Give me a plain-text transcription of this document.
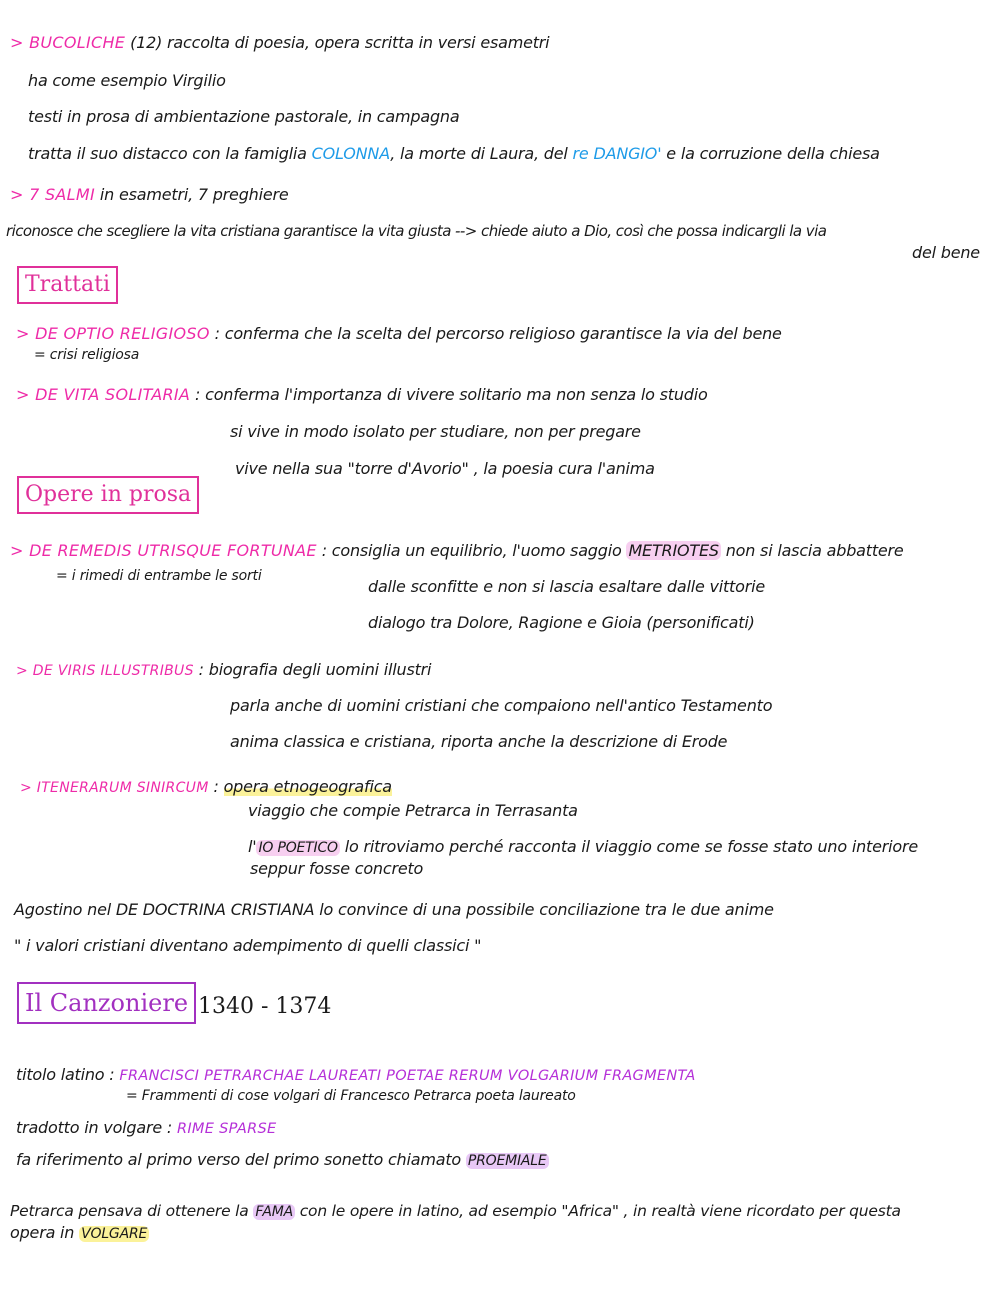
> BUCOLICHE (12) raccolta di poesia, opera scritta in versi esametri
ha come esempio Virgilio
testi in prosa di ambientazione pastorale, in campagna
tratta il suo distacco con la famiglia COLONNA, la morte di Laura, del re DANGIO' e la corruzione della chiesa
> 7 SALMI in esametri, 7 preghiere
riconosce che scegliere la vita cristiana garantisce la vita giusta --> chiede aiuto a Dio, così che possa indicargli la via
del bene
Trattati
> DE OPTIO RELIGIOSO : conferma che la scelta del percorso religioso garantisce la via del bene
= crisi religiosa
> DE VITA SOLITARIA : conferma l'importanza di vivere solitario ma non senza lo studio
si vive in modo isolato per studiare, non per pregare
vive nella sua "torre d'Avorio" , la poesia cura l'anima
Opere in prosa
> DE REMEDIS UTRISQUE FORTUNAE : consiglia un equilibrio, l'uomo saggio METRIOTES non si lascia abbattere
= i rimedi di entrambe le sorti
dalle sconfitte e non si lascia esaltare dalle vittorie
dialogo tra Dolore, Ragione e Gioia (personificati)
> DE VIRIS ILLUSTRIBUS : biografia degli uomini illustri
parla anche di uomini cristiani che compaiono nell'antico Testamento
anima classica e cristiana, riporta anche la descrizione di Erode
> ITENERARUM SINIRCUM : opera etnogeografica
viaggio che compie Petrarca in Terrasanta
l' IO POETICO lo ritroviamo perché racconta il viaggio come se fosse stato uno interiore
seppur fosse concreto
Agostino nel DE DOCTRINA CRISTIANA lo convince di una possibile conciliazione tra le due anime
" i valori cristiani diventano adempimento di quelli classici "
Il Canzoniere 1340 - 1374
titolo latino : FRANCISCI PETRARCHAE LAUREATI POETAE RERUM VOLGARIUM FRAGMENTA
= Frammenti di cose volgari di Francesco Petrarca poeta laureato
tradotto in volgare : RIME SPARSE
fa riferimento al primo verso del primo sonetto chiamato PROEMIALE
Petrarca pensava di ottenere la FAMA con le opere in latino, ad esempio "Africa" , in realtà viene ricordato per questa
opera in VOLGARE
